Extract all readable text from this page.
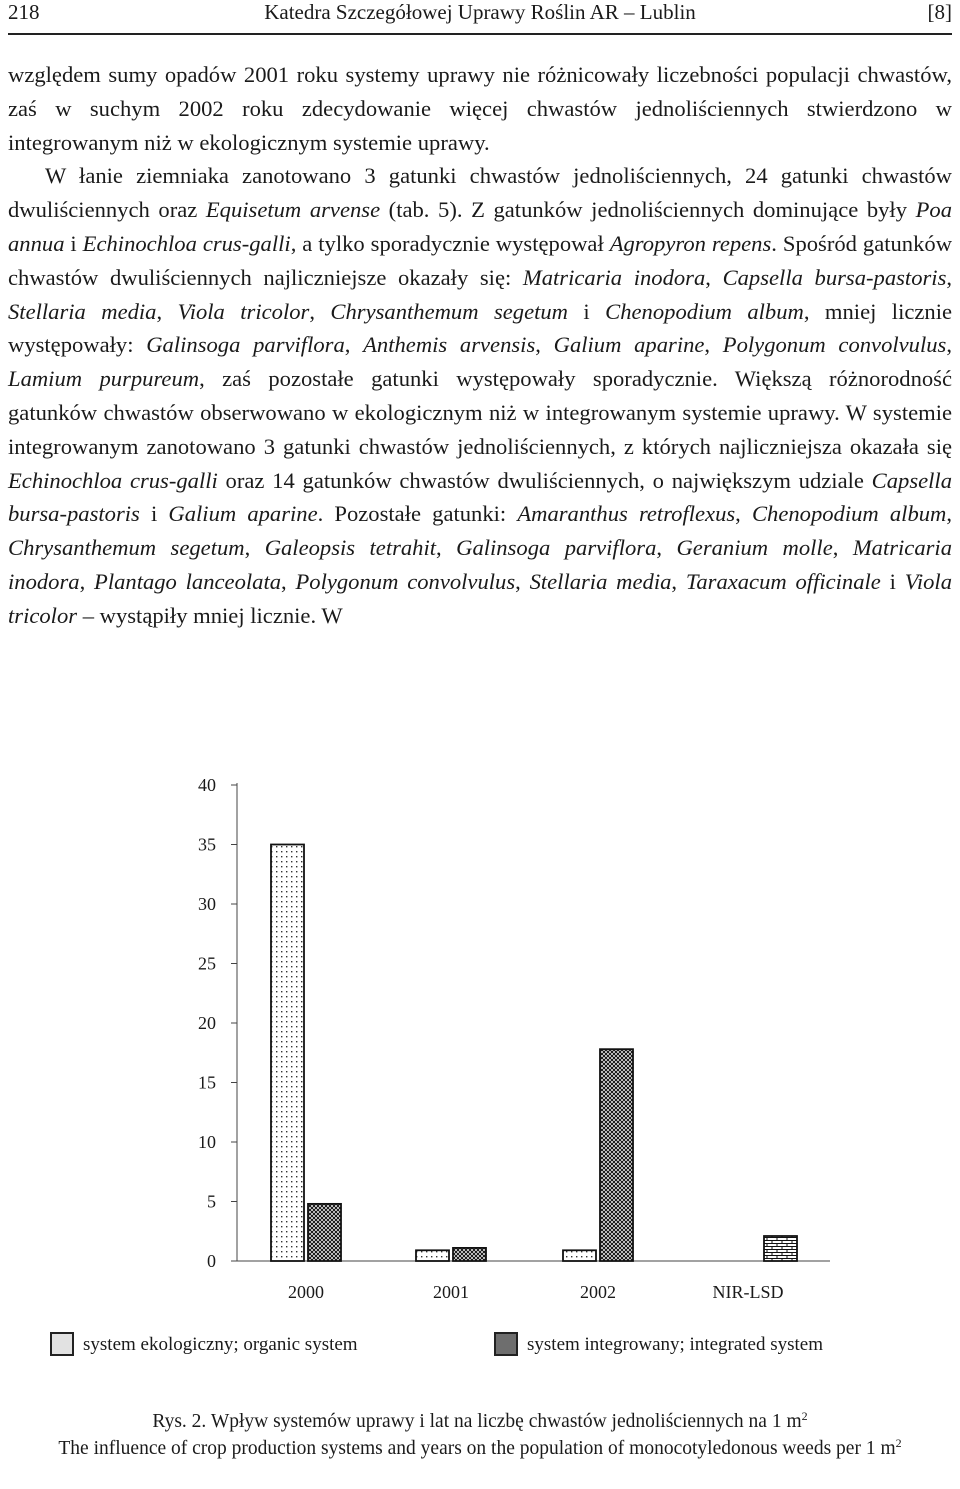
218	Katedra Szczegółowej Uprawy Roślin AR – Lublin	[8]

względem sumy opadów 2001 roku systemy uprawy nie różnicowały liczebności populacji chwastów, zaś w suchym 2002 roku zdecydowanie więcej chwastów jednoliściennych stwierdzono w integrowanym niż w ekologicznym systemie uprawy.

W łanie ziemniaka zanotowano 3 gatunki chwastów jednoliściennych, 24 gatunki chwastów dwuliściennych oraz Equisetum arvense (tab. 5). Z gatunków jednoliściennych dominujące były Poa annua i Echinochloa crus-galli, a tylko sporadycznie występował Agropyron repens. Spośród gatunków chwastów dwuliściennych najliczniejsze okazały się: Matricaria inodora, Capsella bursa-pastoris, Stellaria media, Viola tricolor, Chrysanthemum segetum i Chenopodium album, mniej licznie występowały: Galinsoga parviflora, Anthemis arvensis, Galium aparine, Polygonum convolvulus, Lamium purpureum, zaś pozostałe gatunki występowały sporadycznie. Większą różnorodność gatunków chwastów obserwowano w ekologicznym niż w integrowanym systemie uprawy. W systemie integrowanym zanotowano 3 gatunki chwastów jednoliściennych, z których najliczniejsza okazała się Echinochloa crus-galli oraz 14 gatunków chwastów dwuliściennych, o największym udziale Capsella bursa-pastoris i Galium aparine. Pozostałe gatunki: Amaranthus retroflexus, Chenopodium album, Chrysanthemum segetum, Galeopsis tetrahit, Galinsoga parviflora, Geranium molle, Matricaria inodora, Plantago lanceolata, Polygonum convolvulus, Stellaria media, Taraxacum officinale i Viola tricolor – wystąpiły mniej licznie. W

0
5
10
15
20
25
30
35
40
2000	2001	2002	NIR-LSD
system ekologiczny; organic system	system integrowany; integrated system
Rys. 2. Wpływ systemów uprawy i lat na liczbę chwastów jednoliściennych na 1 $m^2$
The influence of crop production systems and years on the population of monocotyledonous weeds per 1 $m^2$
